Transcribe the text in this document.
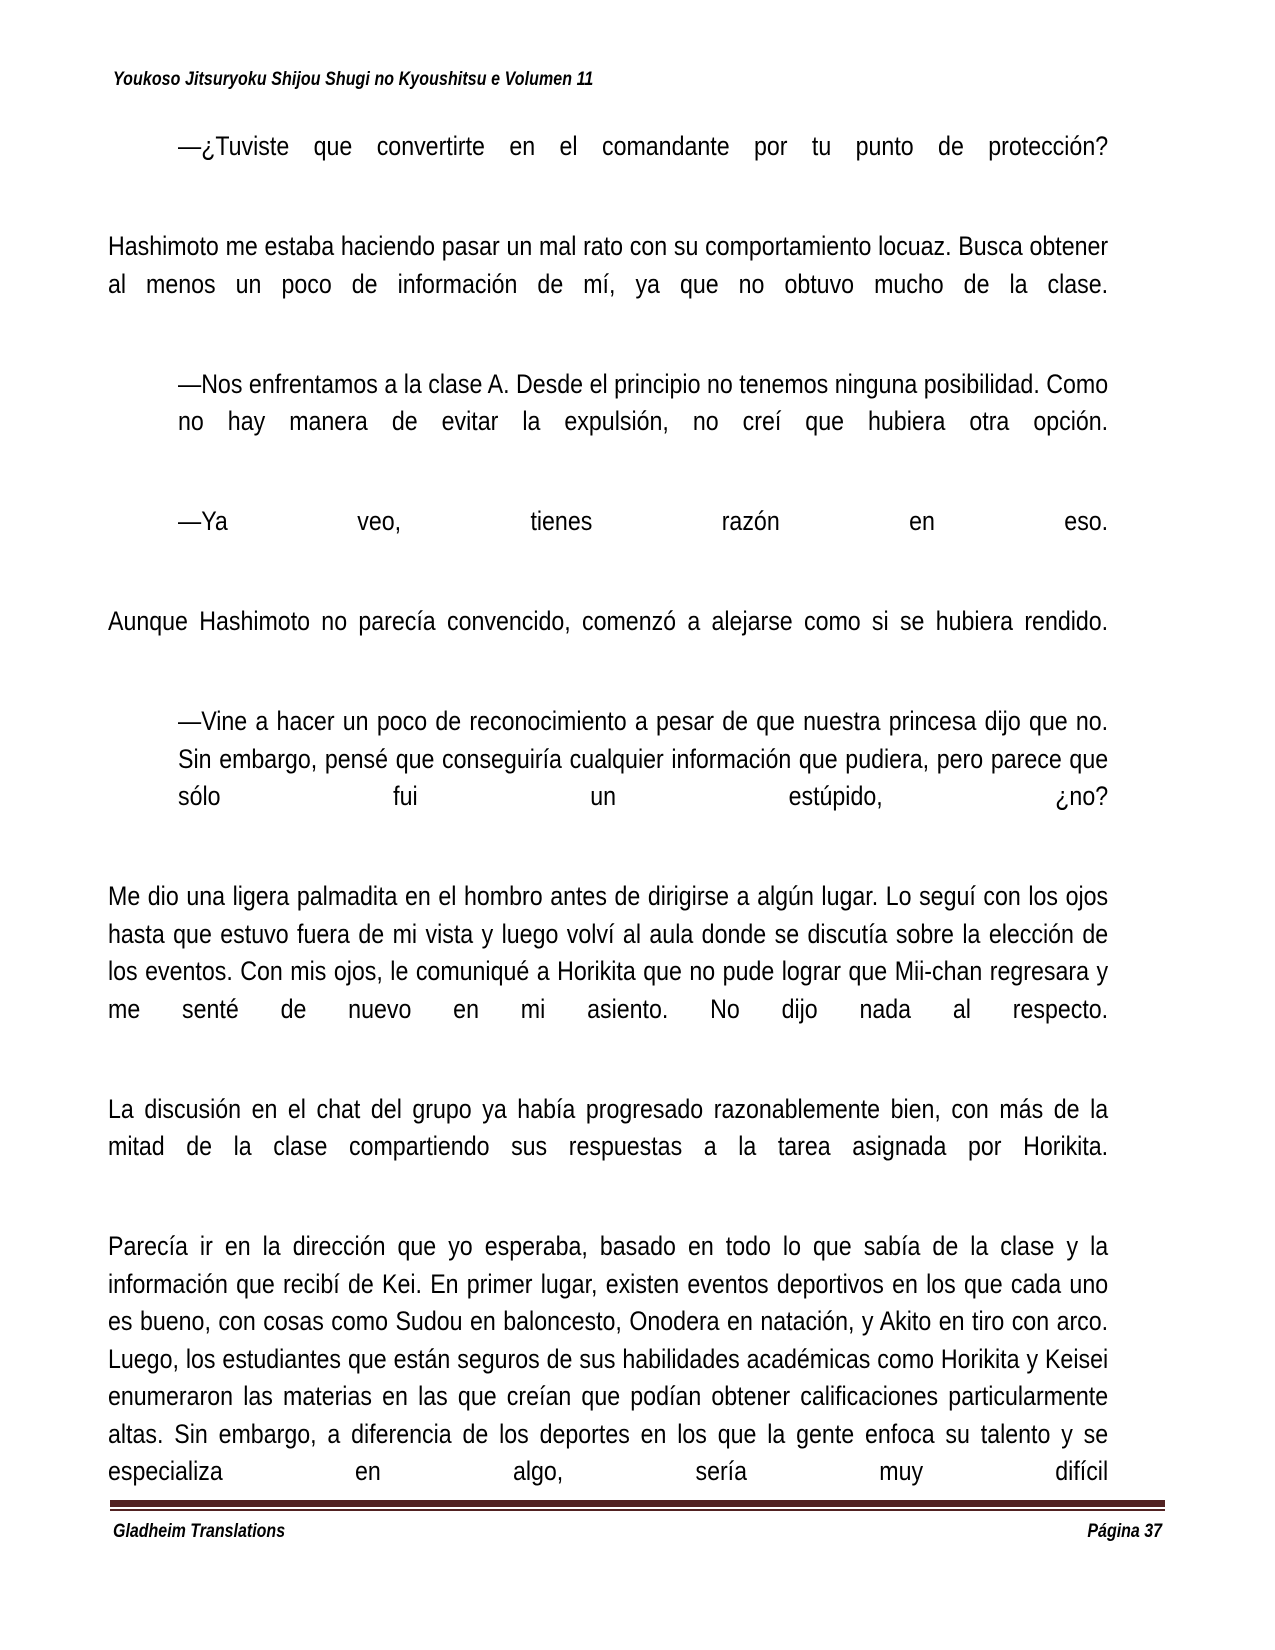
Youkoso Jitsuryoku Shijou Shugi no Kyoushitsu e Volumen 11

—¿Tuviste que convertirte en el comandante por tu punto de protección?

Hashimoto me estaba haciendo pasar un mal rato con su comportamiento locuaz. Busca obtener al menos un poco de información de mí, ya que no obtuvo mucho de la clase.

—Nos enfrentamos a la clase A. Desde el principio no tenemos ninguna posibilidad. Como no hay manera de evitar la expulsión, no creí que hubiera otra opción.

—Ya veo, tienes razón en eso.

Aunque Hashimoto no parecía convencido, comenzó a alejarse como si se hubiera rendido.

—Vine a hacer un poco de reconocimiento a pesar de que nuestra princesa dijo que no. Sin embargo, pensé que conseguiría cualquier información que pudiera, pero parece que sólo fui un estúpido, ¿no?

Me dio una ligera palmadita en el hombro antes de dirigirse a algún lugar. Lo seguí con los ojos hasta que estuvo fuera de mi vista y luego volví al aula donde se discutía sobre la elección de los eventos. Con mis ojos, le comuniqué a Horikita que no pude lograr que Mii-chan regresara y me senté de nuevo en mi asiento. No dijo nada al respecto.

La discusión en el chat del grupo ya había progresado razonablemente bien, con más de la mitad de la clase compartiendo sus respuestas a la tarea asignada por Horikita.

Parecía ir en la dirección que yo esperaba, basado en todo lo que sabía de la clase y la información que recibí de Kei. En primer lugar, existen eventos deportivos en los que cada uno es bueno, con cosas como Sudou en baloncesto, Onodera en natación, y Akito en tiro con arco. Luego, los estudiantes que están seguros de sus habilidades académicas como Horikita y Keisei enumeraron las materias en las que creían que podían obtener calificaciones particularmente altas. Sin embargo, a diferencia de los deportes en los que la gente enfoca su talento y se especializa en algo, sería muy difícil

Gladheim Translations	Página 37
